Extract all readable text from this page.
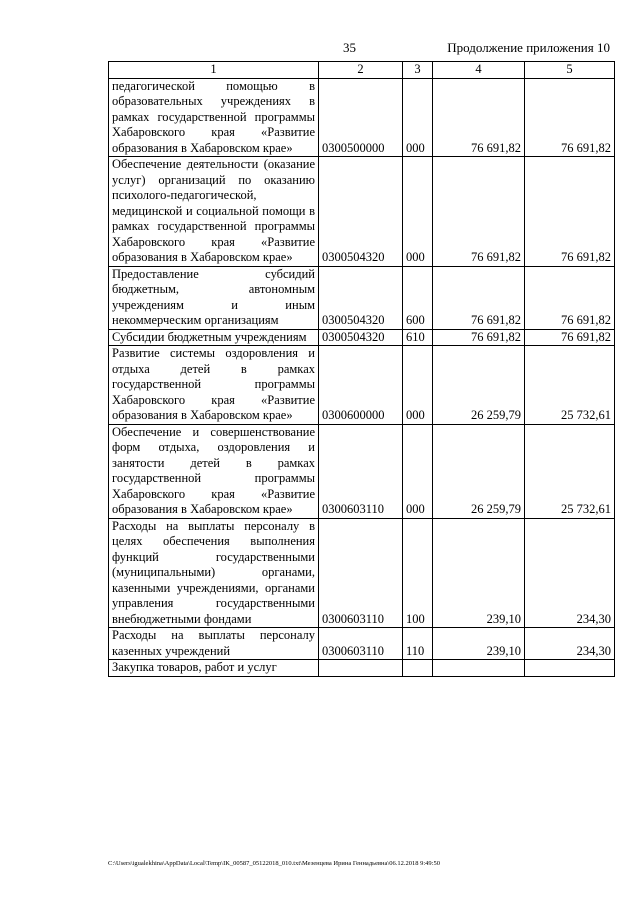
35	Продолжение приложения 10
1	2	3	4	5
педагогической помощью в образовательных учреждениях в рамках государственной программы Хабаровского края «Развитие образования в Хабаровском крае»	0300500000	000	76 691,82	76 691,82
Обеспечение деятельности (оказание услуг) организаций по оказанию психолого-педагогической, медицинской и социальной помощи в рамках государственной программы Хабаровского края «Развитие образования в Хабаровском крае»	0300504320	000	76 691,82	76 691,82
Предоставление субсидий бюджетным, автономным учреждениям и иным некоммерческим организациям	0300504320	600	76 691,82	76 691,82
Субсидии бюджетным учреждениям	0300504320	610	76 691,82	76 691,82
Развитие системы оздоровления и отдыха детей в рамках государственной программы Хабаровского края «Развитие образования в Хабаровском крае»	0300600000	000	26 259,79	25 732,61
Обеспечение и совершенствование форм отдыха, оздоровления и занятости детей в рамках государственной программы Хабаровского края «Развитие образования в Хабаровском крае»	0300603110	000	26 259,79	25 732,61
Расходы на выплаты персоналу в целях обеспечения выполнения функций государственными (муниципальными) органами, казенными учреждениями, органами управления государственными внебюджетными фондами	0300603110	100	239,10	234,30
Расходы на выплаты персоналу казенных учреждений	0300603110	110	239,10	234,30
Закупка товаров, работ и услуг				
C:\Users\igualekhina\AppData\Local\Temp\IK_00587_05122018_010.txt\Мезенцева Ирина Геннадьевна\06.12.2018 9:49:50
